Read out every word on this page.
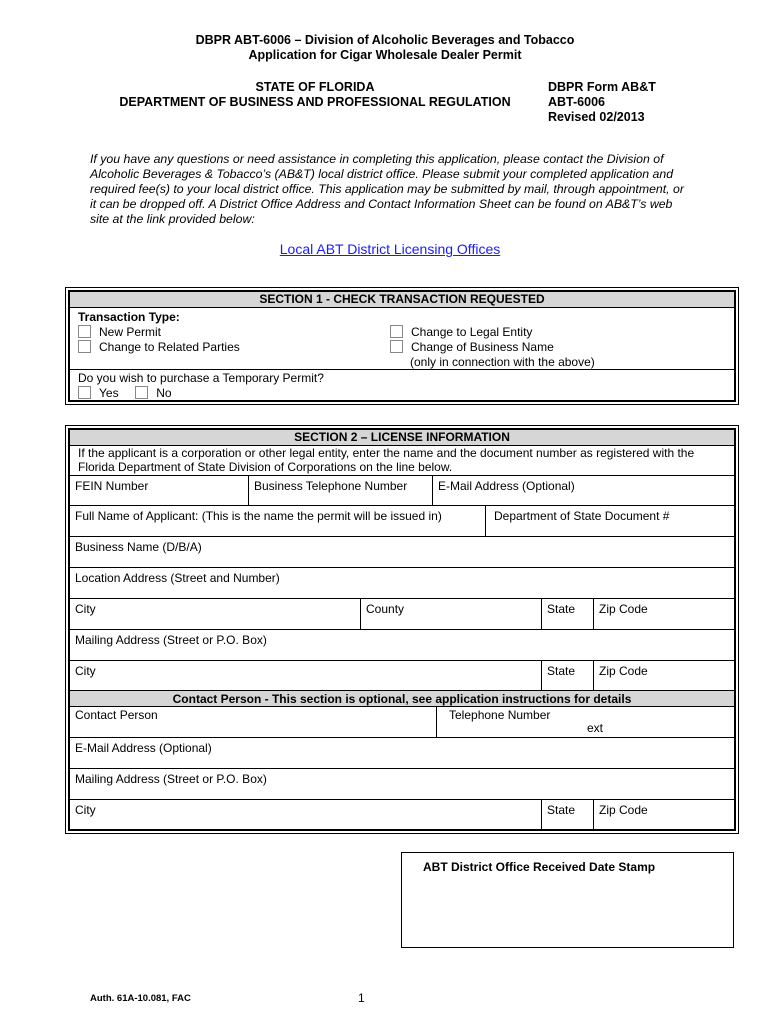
DBPR ABT-6006 – Division of Alcoholic Beverages and Tobacco
Application for Cigar Wholesale Dealer Permit
STATE OF FLORIDA
DEPARTMENT OF BUSINESS AND PROFESSIONAL REGULATION
DBPR Form AB&T
ABT-6006
Revised 02/2013
If you have any questions or need assistance in completing this application, please contact the Division of Alcoholic Beverages & Tobacco’s (AB&T) local district office. Please submit your completed application and required fee(s) to your local district office. This application may be submitted by mail, through appointment, or it can be dropped off. A District Office Address and Contact Information Sheet can be found on AB&T’s web site at the link provided below:
Local ABT District Licensing Offices
SECTION 1 - CHECK TRANSACTION REQUESTED
Transaction Type:
New Permit
Change to Related Parties
Change to Legal Entity
Change of Business Name
(only in connection with the above)
Do you wish to purchase a Temporary Permit?
Yes	No
SECTION 2 – LICENSE INFORMATION
If the applicant is a corporation or other legal entity, enter the name and the document number as registered with the Florida Department of State Division of Corporations on the line below.
FEIN Number	Business Telephone Number	E-Mail Address (Optional)
Full Name of Applicant: (This is the name the permit will be issued in)	Department of State Document #
Business Name (D/B/A)
Location Address (Street and Number)
City	County	State	Zip Code
Mailing Address (Street or P.O. Box)
City	State	Zip Code
Contact Person - This section is optional, see application instructions for details
Contact Person	Telephone Number
ext
E-Mail Address (Optional)
Mailing Address (Street or P.O. Box)
City	State	Zip Code
ABT District Office Received Date Stamp
Auth. 61A-10.081, FAC	1
